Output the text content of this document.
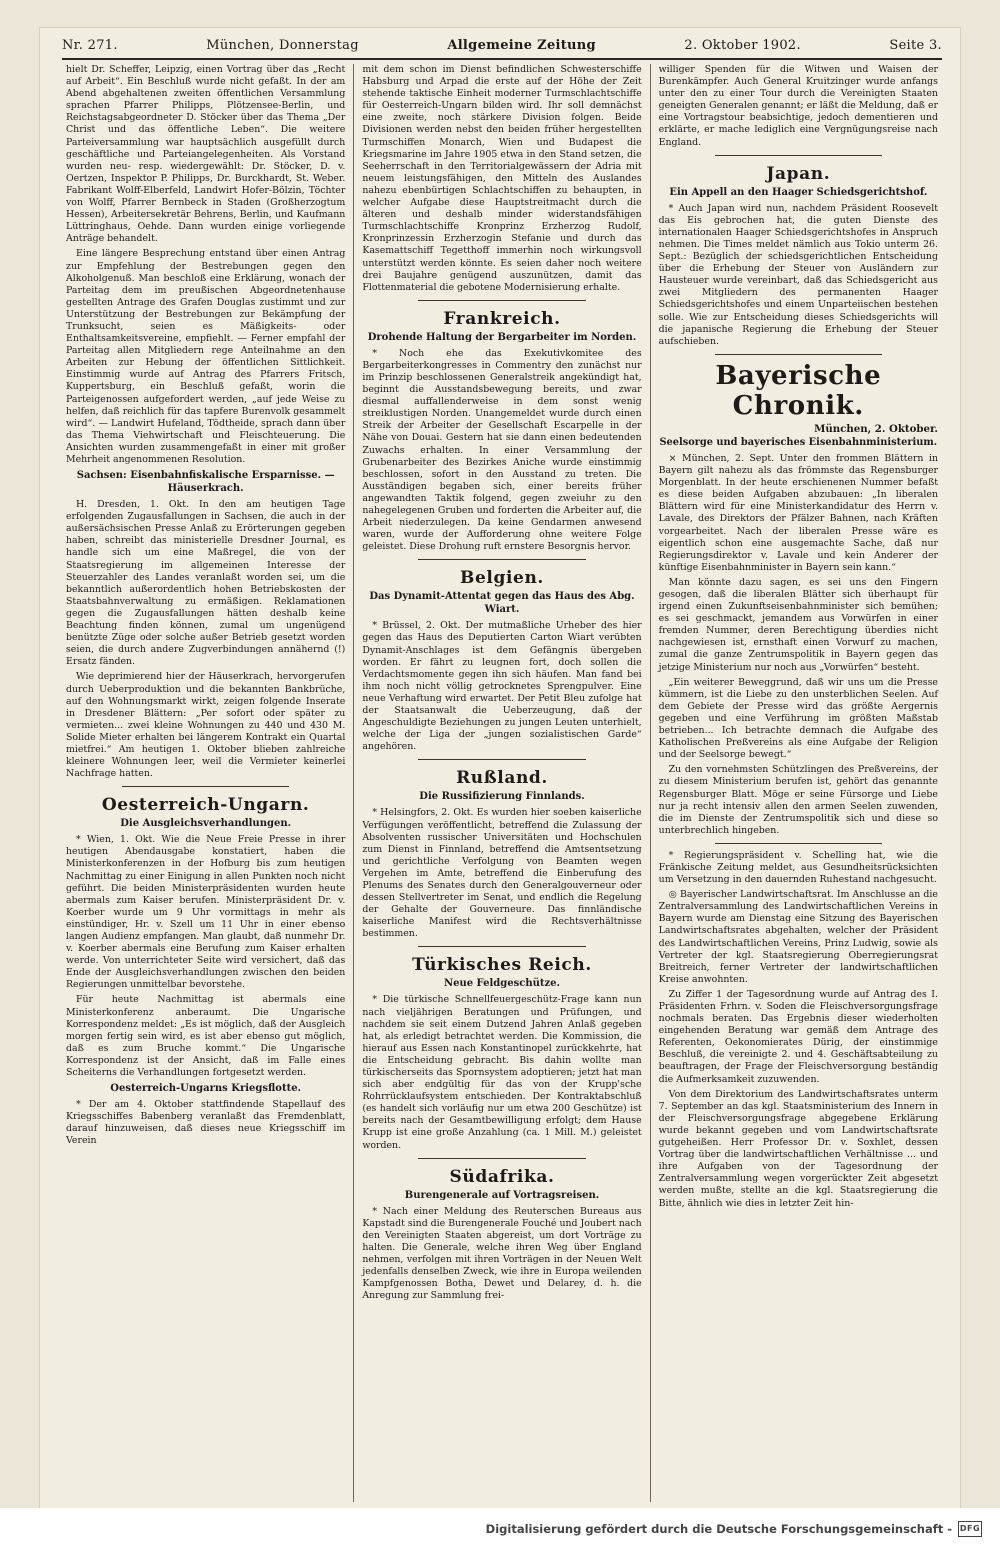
Nr. 271.	München, Donnerstag	Allgemeine Zeitung	2. Oktober 1902.	Seite 3.

hielt Dr. Scheffer, Leipzig, einen Vortrag über das „Recht auf Arbeit“. Ein Beschluß wurde nicht gefaßt. In der am Abend abgehaltenen zweiten öffentlichen Versammlung sprachen Pfarrer Philipps, Plötzensee-Berlin, und Reichstagsabgeordneter D. Stöcker über das Thema „Der Christ und das öffentliche Leben“. Die weitere Parteiversammlung war hauptsächlich ausgefüllt durch geschäftliche und Parteiangelegenheiten. Als Vorstand wurden neu- resp. wiedergewählt: Dr. Stöcker, D. v. Oertzen, Inspektor P. Philipps, Dr. Burckhardt, St. Weber. Fabrikant Wolff-Elberfeld, Landwirt Hofer-Bölzin, Töchter von Wolff, Pfarrer Bernbeck in Staden (Großherzogtum Hessen), Arbeitersekretär Behrens, Berlin, und Kaufmann Lüttringhaus, Oehde. Dann wurden einige vorliegende Anträge behandelt.

Eine längere Besprechung entstand über einen Antrag zur Empfehlung der Bestrebungen gegen den Alkoholgenuß. Man beschloß eine Erklärung, wonach der Parteitag dem im preußischen Abgeordnetenhause gestellten Antrage des Grafen Douglas zustimmt und zur Unterstützung der Bestrebungen zur Bekämpfung der Trunksucht, seien es Mäßigkeits- oder Enthaltsamkeitsvereine, empfiehlt. — Ferner empfahl der Parteitag allen Mitgliedern rege Anteilnahme an den Arbeiten zur Hebung der öffentlichen Sittlichkeit. Einstimmig wurde auf Antrag des Pfarrers Fritsch, Kuppertsburg, ein Beschluß gefaßt, worin die Parteigenossen aufgefordert werden, „auf jede Weise zu helfen, daß reichlich für das tapfere Burenvolk gesammelt wird“. — Landwirt Hufeland, Tödtheide, sprach dann über das Thema Viehwirtschaft und Fleischteuerung. Die Ansichten wurden zusammengefaßt in einer mit großer Mehrheit angenommenen Resolution.

Sachsen: Eisenbahnfiskalische Ersparnisse. — Häuserkrach.

H. Dresden, 1. Okt. In den am heutigen Tage erfolgenden Zugausfallungen in Sachsen, die auch in der außersächsischen Presse Anlaß zu Erörterungen gegeben haben, schreibt das ministerielle Dresdner Journal, es handle sich um eine Maßregel, die von der Staatsregierung im allgemeinen Interesse der Steuerzahler des Landes veranlaßt worden sei, um die bekanntlich außerordentlich hohen Betriebskosten der Staatsbahnverwaltung zu ermäßigen. Reklamationen gegen die Zugausfallungen hätten deshalb keine Beachtung finden können, zumal um ungenügend benützte Züge oder solche außer Betrieb gesetzt worden seien, die durch andere Zugverbindungen annähernd (!) Ersatz fänden.

Wie deprimierend hier der Häuserkrach, hervorgerufen durch Ueberproduktion und die bekannten Bankbrüche, auf den Wohnungsmarkt wirkt, zeigen folgende Inserate in Dresdener Blättern: „Per sofort oder später zu vermieten... zwei kleine Wohnungen zu 440 und 430 M. Solide Mieter erhalten bei längerem Kontrakt ein Quartal mietfrei.“ Am heutigen 1. Oktober blieben zahlreiche kleinere Wohnungen leer, weil die Vermieter keinerlei Nachfrage hatten.

Oesterreich-Ungarn.

Die Ausgleichsverhandlungen.

* Wien, 1. Okt. Wie die Neue Freie Presse in ihrer heutigen Abendausgabe konstatiert, haben die Ministerkonferenzen in der Hofburg bis zum heutigen Nachmittag zu einer Einigung in allen Punkten noch nicht geführt. Die beiden Ministerpräsidenten wurden heute abermals zum Kaiser berufen. Ministerpräsident Dr. v. Koerber wurde um 9 Uhr vormittags in mehr als einstündiger, Hr. v. Szell um 11 Uhr in einer ebenso langen Audienz empfangen. Man glaubt, daß nunmehr Dr. v. Koerber abermals eine Berufung zum Kaiser erhalten werde. Von unterrichteter Seite wird versichert, daß das Ende der Ausgleichsverhandlungen zwischen den beiden Regierungen unmittelbar bevorstehe.

Für heute Nachmittag ist abermals eine Ministerkonferenz anberaumt. Die Ungarische Korrespondenz meldet: „Es ist möglich, daß der Ausgleich morgen fertig sein wird, es ist aber ebenso gut möglich, daß es zum Bruche kommt.“ Die Ungarische Korrespondenz ist der Ansicht, daß im Falle eines Scheiterns die Verhandlungen fortgesetzt werden.

Oesterreich-Ungarns Kriegsflotte.

* Der am 4. Oktober stattfindende Stapellauf des Kriegsschiffes Babenberg veranlaßt das Fremdenblatt, darauf hinzuweisen, daß dieses neue Kriegsschiff im Verein

mit dem schon im Dienst befindlichen Schwesterschiffe Habsburg und Arpad die erste auf der Höhe der Zeit stehende taktische Einheit moderner Turmschlachtschiffe für Oesterreich-Ungarn bilden wird. Ihr soll demnächst eine zweite, noch stärkere Division folgen. Beide Divisionen werden nebst den beiden früher hergestellten Turmschiffen Monarch, Wien und Budapest die Kriegsmarine im Jahre 1905 etwa in den Stand setzen, die Seeherrschaft in den Territorialgewässern der Adria mit neuem leistungsfähigen, den Mitteln des Auslandes nahezu ebenbürtigen Schlachtschiffen zu behaupten, in welcher Aufgabe diese Hauptstreitmacht durch die älteren und deshalb minder widerstandsfähigen Turmschlachtschiffe Kronprinz Erzherzog Rudolf, Kronprinzessin Erzherzogin Stefanie und durch das Kasemattschiff Tegetthoff immerhin noch wirkungsvoll unterstützt werden könnte. Es seien daher noch weitere drei Baujahre genügend auszunützen, damit das Flottenmaterial die gebotene Modernisierung erhalte.

Frankreich.

Drohende Haltung der Bergarbeiter im Norden.

* Noch ehe das Exekutivkomitee des Bergarbeiterkongresses in Commentry den zunächst nur im Prinzip beschlossenen Generalstreik angekündigt hat, beginnt die Ausstandsbewegung bereits, und zwar diesmal auffallenderweise in dem sonst wenig streiklustigen Norden. Unangemeldet wurde durch einen Streik der Arbeiter der Gesellschaft Escarpelle in der Nähe von Douai. Gestern hat sie dann einen bedeutenden Zuwachs erhalten. In einer Versammlung der Grubenarbeiter des Bezirkes Aniche wurde einstimmig beschlossen, sofort in den Ausstand zu treten. Die Ausständigen begaben sich, einer bereits früher angewandten Taktik folgend, gegen zweiuhr zu den nahegelegenen Gruben und forderten die Arbeiter auf, die Arbeit niederzulegen. Da keine Gendarmen anwesend waren, wurde der Aufforderung ohne weitere Folge geleistet. Diese Drohung ruft ernstere Besorgnis hervor.

Belgien.

Das Dynamit-Attentat gegen das Haus des Abg. Wiart.

* Brüssel, 2. Okt. Der mutmaßliche Urheber des hier gegen das Haus des Deputierten Carton Wiart verübten Dynamit-Anschlages ist dem Gefängnis übergeben worden. Er fährt zu leugnen fort, doch sollen die Verdachtsmomente gegen ihn sich häufen. Man fand bei ihm noch nicht völlig getrocknetes Sprengpulver. Eine neue Verhaftung wird erwartet. Der Petit Bleu zufolge hat der Staatsanwalt die Ueberzeugung, daß der Angeschuldigte Beziehungen zu jungen Leuten unterhielt, welche der Liga der „jungen sozialistischen Garde“ angehören.

Rußland.

Die Russifizierung Finnlands.

* Helsingfors, 2. Okt. Es wurden hier soeben kaiserliche Verfügungen veröffentlicht, betreffend die Zulassung der Absolventen russischer Universitäten und Hochschulen zum Dienst in Finnland, betreffend die Amtsentsetzung und gerichtliche Verfolgung von Beamten wegen Vergehen im Amte, betreffend die Einberufung des Plenums des Senates durch den Generalgouverneur oder dessen Stellvertreter im Senat, und endlich die Regelung der Gehalte der Gouverneure. Das finnländische kaiserliche Manifest wird die Rechtsverhältnisse bestimmen.

Türkisches Reich.

Neue Feldgeschütze.

* Die türkische Schnellfeuergeschütz-Frage kann nun nach vieljährigen Beratungen und Prüfungen, und nachdem sie seit einem Dutzend Jahren Anlaß gegeben hat, als erledigt betrachtet werden. Die Kommission, die hierauf aus Essen nach Konstantinopel zurückkehrte, hat die Entscheidung gebracht. Bis dahin wollte man türkischerseits das Spornsystem adoptieren; jetzt hat man sich aber endgültig für das von der Krupp'sche Rohrrücklaufsystem entschieden. Der Kontraktabschluß (es handelt sich vorläufig nur um etwa 200 Geschütze) ist bereits nach der Gesamtbewilligung erfolgt; dem Hause Krupp ist eine große Anzahlung (ca. 1 Mill. M.) geleistet worden.

Südafrika.

Burengenerale auf Vortragsreisen.

* Nach einer Meldung des Reuterschen Bureaus aus Kapstadt sind die Burengenerale Fouché und Joubert nach den Vereinigten Staaten abgereist, um dort Vorträge zu halten. Die Generale, welche ihren Weg über England nehmen, verfolgen mit ihren Vorträgen in der Neuen Welt jedenfalls denselben Zweck, wie ihre in Europa weilenden Kampfgenossen Botha, Dewet und Delarey, d. h. die Anregung zur Sammlung frei-

williger Spenden für die Witwen und Waisen der Burenkämpfer. Auch General Kruitzinger wurde anfangs unter den zu einer Tour durch die Vereinigten Staaten geneigten Generalen genannt; er läßt die Meldung, daß er eine Vortragstour beabsichtige, jedoch dementieren und erklärte, er mache lediglich eine Vergnügungsreise nach England.

Japan.

Ein Appell an den Haager Schiedsgerichtshof.

* Auch Japan wird nun, nachdem Präsident Roosevelt das Eis gebrochen hat, die guten Dienste des internationalen Haager Schiedsgerichtshofes in Anspruch nehmen. Die Times meldet nämlich aus Tokio unterm 26. Sept.: Bezüglich der schiedsgerichtlichen Entscheidung über die Erhebung der Steuer von Ausländern zur Hausteuer wurde vereinbart, daß das Schiedsgericht aus zwei Mitgliedern des permanenten Haager Schiedsgerichtshofes und einem Unparteiischen bestehen solle. Wie zur Entscheidung dieses Schiedsgerichts will die japanische Regierung die Erhebung der Steuer aufschieben.

Bayerische Chronik.

München, 2. Oktober.

Seelsorge und bayerisches Eisenbahnministerium.

× München, 2. Sept. Unter den frommen Blättern in Bayern gilt nahezu als das frömmste das Regensburger Morgenblatt. In der heute erschienenen Nummer befaßt es diese beiden Aufgaben abzubauen: „In liberalen Blättern wird für eine Ministerkandidatur des Herrn v. Lavale, des Direktors der Pfälzer Bahnen, nach Kräften vorgearbeitet. Nach der liberalen Presse wäre es eigentlich schon eine ausgemachte Sache, daß nur Regierungsdirektor v. Lavale und kein Anderer der künftige Eisenbahnminister in Bayern sein kann.“

Man könnte dazu sagen, es sei uns den Fingern gesogen, daß die liberalen Blätter sich überhaupt für irgend einen Zukunftseisenbahnminister sich bemühen; es sei geschmackt, jemandem aus Vorwürfen in einer fremden Nummer, deren Berechtigung überdies nicht nachgewiesen ist, ernsthaft einen Vorwurf zu machen, zumal die ganze Zentrumspolitik in Bayern gegen das jetzige Ministerium nur noch aus „Vorwürfen“ besteht.

„Ein weiterer Beweggrund, daß wir uns um die Presse kümmern, ist die Liebe zu den unsterblichen Seelen. Auf dem Gebiete der Presse wird das größte Aergernis gegeben und eine Verführung im größten Maßstab betrieben... Ich betrachte demnach die Aufgabe des Katholischen Preßvereins als eine Aufgabe der Religion und der Seelsorge bewegt.“

Zu den vornehmsten Schützlingen des Preßvereins, der zu diesem Ministerium berufen ist, gehört das genannte Regensburger Blatt. Möge er seine Fürsorge und Liebe nur ja recht intensiv allen den armen Seelen zuwenden, die im Dienste der Zentrumspolitik sich und diese so unterbrechlich hingeben.

* Regierungspräsident v. Schelling hat, wie die Fränkische Zeitung meldet, aus Gesundheitsrücksichten um Versetzung in den dauernden Ruhestand nachgesucht.

◎ Bayerischer Landwirtschaftsrat. Im Anschlusse an die Zentralversammlung des Landwirtschaftlichen Vereins in Bayern wurde am Dienstag eine Sitzung des Bayerischen Landwirtschaftsrates abgehalten, welcher der Präsident des Landwirtschaftlichen Vereins, Prinz Ludwig, sowie als Vertreter der kgl. Staatsregierung Oberregierungsrat Breitreich, ferner Vertreter der landwirtschaftlichen Kreise anwohnten.

Zu Ziffer 1 der Tagesordnung wurde auf Antrag des I. Präsidenten Frhrn. v. Soden die Fleischversorgungsfrage nochmals beraten. Das Ergebnis dieser wiederholten eingehenden Beratung war gemäß dem Antrage des Referenten, Oekonomierates Dürig, der einstimmige Beschluß, die vereinigte 2. und 4. Geschäftsabteilung zu beauftragen, der Frage der Fleischversorgung beständig die Aufmerksamkeit zuzuwenden.

Von dem Direktorium des Landwirtschaftsrates unterm 7. September an das kgl. Staatsministerium des Innern in der Fleischversorgungsfrage abgegebene Erklärung wurde bekannt gegeben und vom Landwirtschaftsrate gutgeheißen. Herr Professor Dr. v. Soxhlet, dessen Vortrag über die landwirtschaftlichen Verhältnisse ... und ihre Aufgaben von der Tagesordnung der Zentralversammlung wegen vorgerückter Zeit abgesetzt werden mußte, stellte an die kgl. Staatsregierung die Bitte, ähnlich wie dies in letzter Zeit hin-

Digitalisierung gefördert durch die Deutsche Forschungsgemeinschaft - DFG
